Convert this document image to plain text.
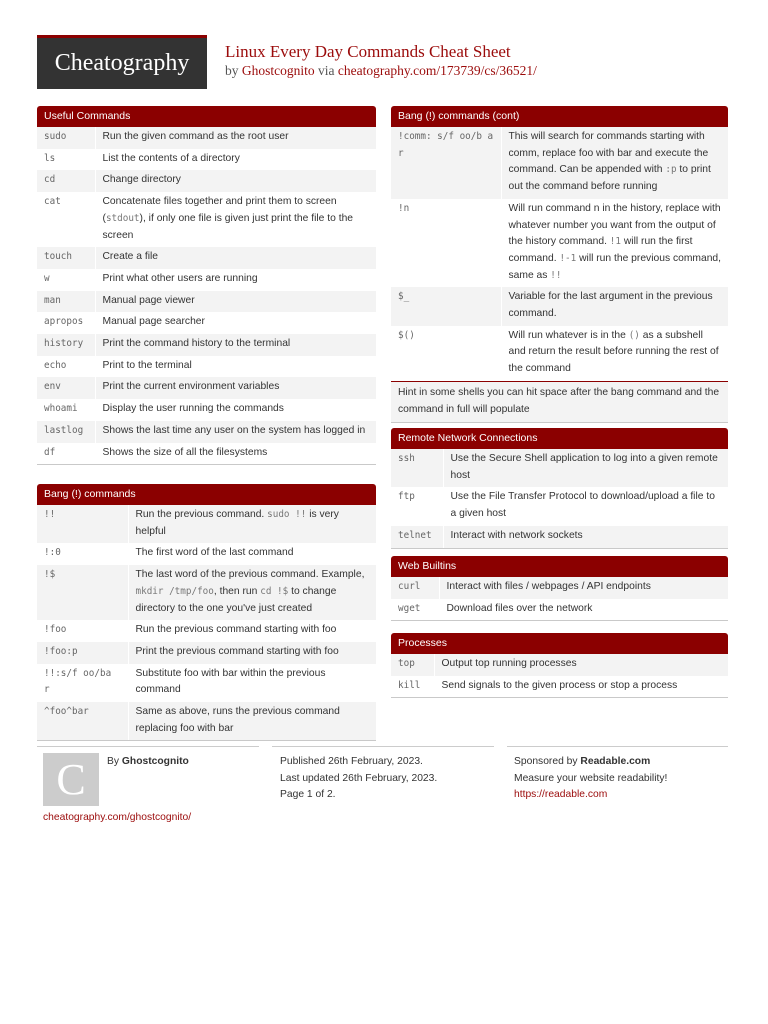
Cheatography	Linux Every Day Commands Cheat Sheet
by Ghostcognito via cheatography.com/173739/cs/36521/
Useful Commands
sudo	Run the given command as the root user
ls	List the contents of a directory
cd	Change directory
cat	Concatenate files together and print them to screen (stdout), if only one file is given just print the file to the screen
touch	Create a file
w	Print what other users are running
man	Manual page viewer
apropos	Manual page searcher
history	Print the command history to the terminal
echo	Print to the terminal
env	Print the current environment variables
whoami	Display the user running the commands
lastlog	Shows the last time any user on the system has logged in
df	Shows the size of all the filesystems
Bang (!) commands
!!	Run the previous command. sudo !! is very helpful
!:0	The first word of the last command
!$	The last word of the previous command. Example, mkdir /tmp/foo, then run cd !$ to change directory to the one you've just created
!foo	Run the previous command starting with foo
!foo:p	Print the previous command starting with foo
!!:s/f oo/ba r	Substitute foo with bar within the previous command
^foo^bar	Same as above, runs the previous command replacing foo with bar
Bang (!) commands (cont)
!comm: s/f oo/b ar	This will search for commands starting with comm, replace foo with bar and execute the command. Can be appended with :p to print out the command before running
!n	Will run command n in the history, replace with whatever number you want from the output of the history command. !1 will run the first command. !-1 will run the previous command, same as !!
$_	Variable for the last argument in the previous command.
$()	Will run whatever is in the () as a subshell and return the result before running the rest of the command
Hint in some shells you can hit space after the bang command and the command in full will populate
Remote Network Connections
ssh	Use the Secure Shell application to log into a given remote host
ftp	Use the File Transfer Protocol to download/upload a file to a given host
telnet	Interact with network sockets
Web Builtins
curl	Interact with files / webpages / API endpoints
wget	Download files over the network
Processes
top	Output top running processes
kill	Send signals to the given process or stop a process
C	By Ghostcognito
cheatography.com/ghostcognito/
Published 26th February, 2023.
Last updated 26th February, 2023.
Page 1 of 2.
Sponsored by Readable.com
Measure your website readability!
https://readable.com
